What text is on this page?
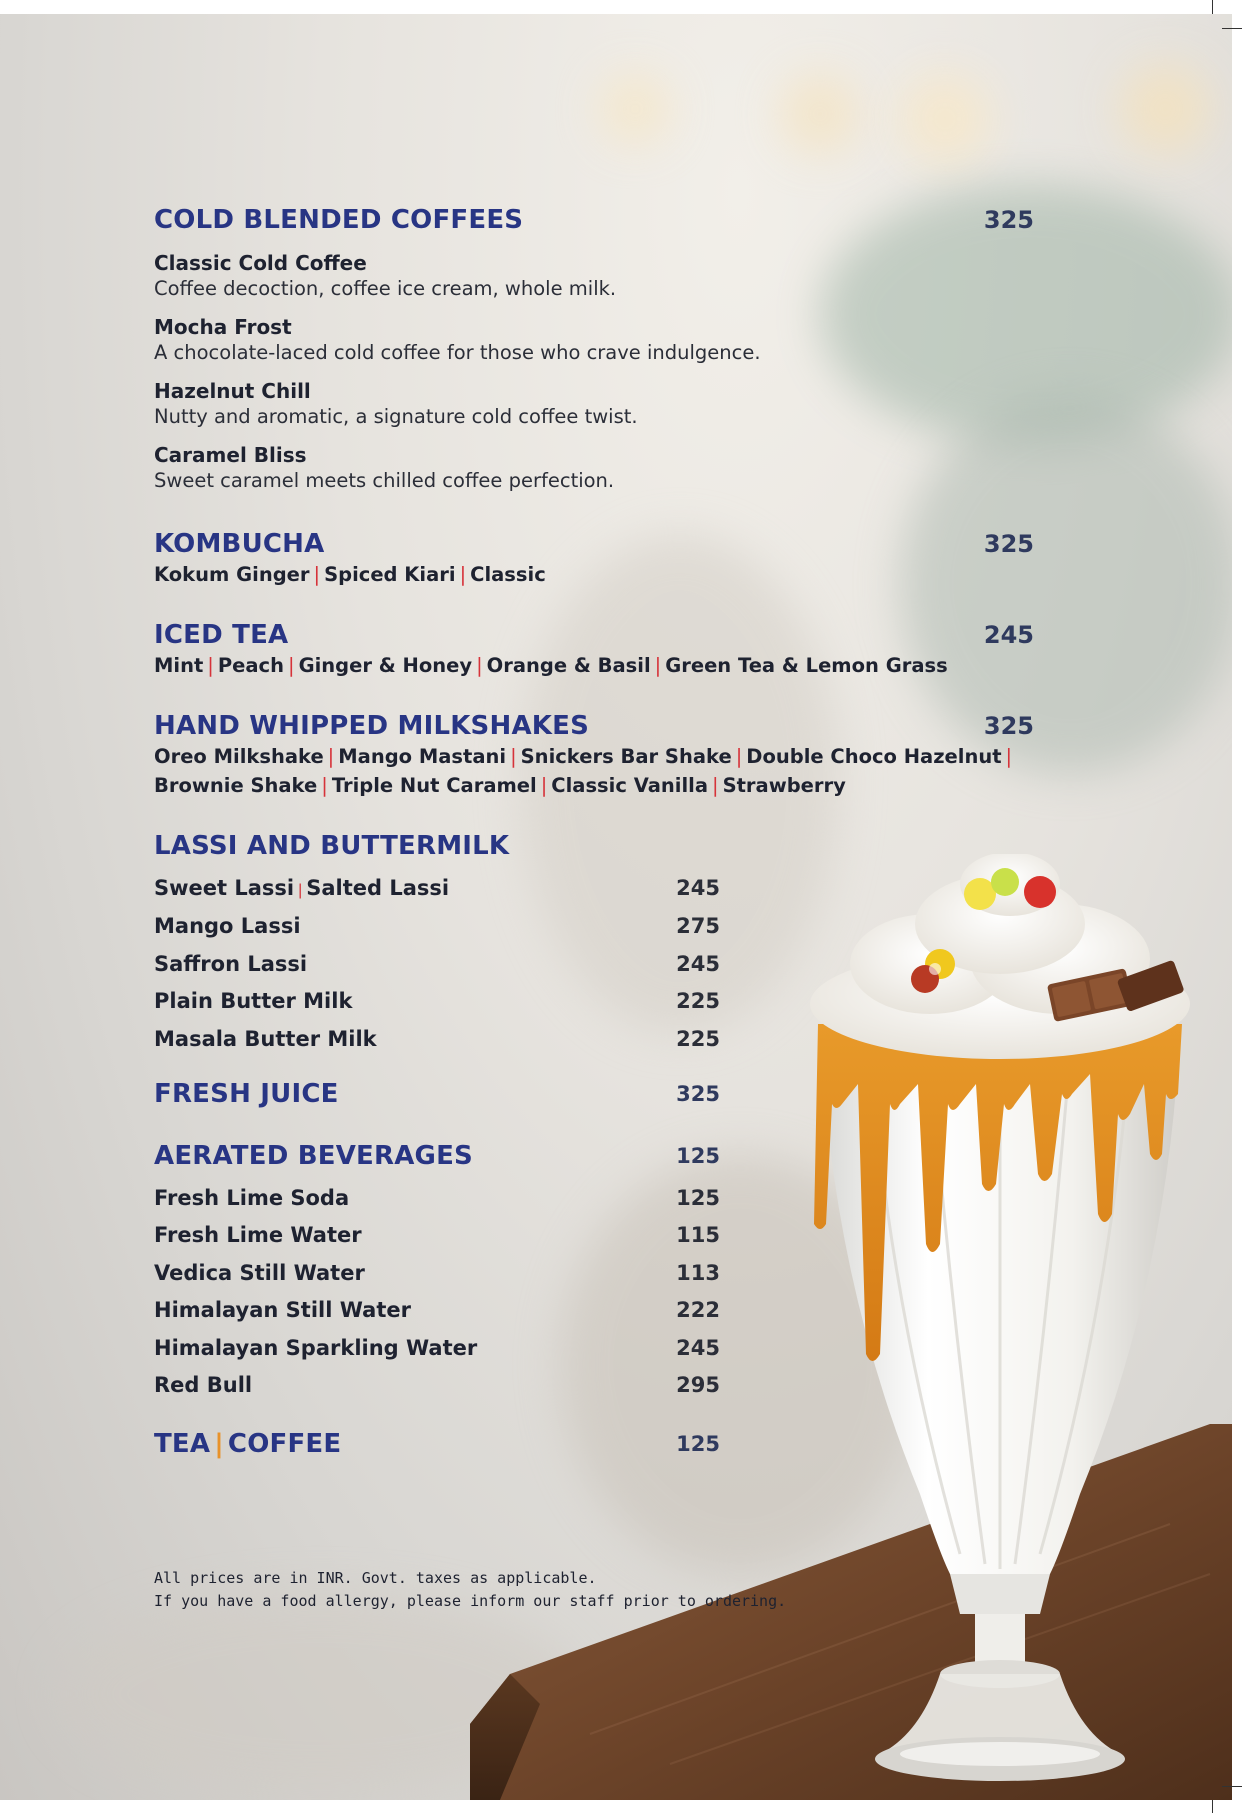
COLD BLENDED COFFEES	325
Classic Cold Coffee
Coffee decoction, coffee ice cream, whole milk.
Mocha Frost
A chocolate-laced cold coffee for those who crave indulgence.
Hazelnut Chill
Nutty and aromatic, a signature cold coffee twist.
Caramel Bliss
Sweet caramel meets chilled coffee perfection.
KOMBUCHA	325
Kokum Ginger | Spiced Kiari | Classic
ICED TEA	245
Mint | Peach | Ginger & Honey | Orange & Basil | Green Tea & Lemon Grass
HAND WHIPPED MILKSHAKES	325
Oreo Milkshake | Mango Mastani | Snickers Bar Shake | Double Choco Hazelnut |
Brownie Shake | Triple Nut Caramel | Classic Vanilla | Strawberry
LASSI AND BUTTERMILK
Sweet Lassi | Salted Lassi	245
Mango Lassi	275
Saffron Lassi	245
Plain Butter Milk	225
Masala Butter Milk	225
FRESH JUICE	325
AERATED BEVERAGES	125
Fresh Lime Soda	125
Fresh Lime Water	115
Vedica Still Water	113
Himalayan Still Water	222
Himalayan Sparkling Water	245
Red Bull	295
TEA | COFFEE	125
All prices are in INR. Govt. taxes as applicable.
If you have a food allergy, please inform our staff prior to ordering.
